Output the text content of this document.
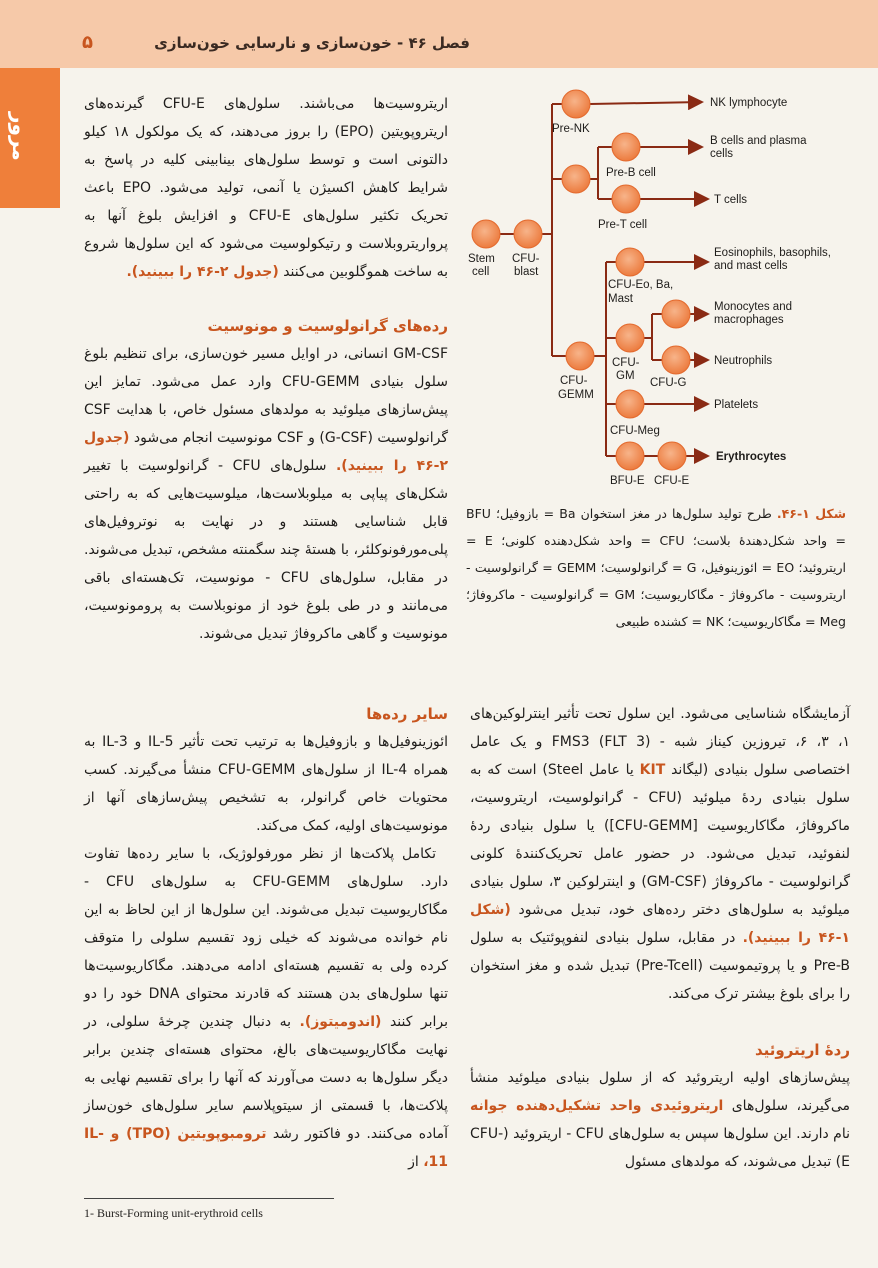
فصل ۴۶ - خون‌سازی و نارسایی خون‌سازی
۵
مرور

اریتروسیت‌ها می‌باشند. سلول‌های CFU-E گیرنده‌های اریتروپویتین (EPO) را بروز می‌دهند، که یک مولکول ۱۸ کیلو دالتونی است و توسط سلول‌های بینابینی کلیه در پاسخ به شرایط کاهش اکسیژن یا آنمی، تولید می‌شود. EPO باعث تحریک تکثیر سلول‌های CFU-E و افزایش بلوغ آنها به پرواریتروبلاست و رتیکولوسیت می‌شود که این سلول‌ها شروع به ساخت هموگلوبین می‌کنند (جدول ۲-۴۶ را ببینید).

رده‌های گرانولوسیت و مونوسیت

GM-CSF انسانی، در اوایل مسیر خون‌سازی، برای تنظیم بلوغ سلول بنیادی CFU-GEMM وارد عمل می‌شود. تمایز این پیش‌سازهای میلوئید به مولدهای مسئول خاص، با هدایت CSF گرانولوسیت (G-CSF) و CSF مونوسیت انجام می‌شود (جدول ۲-۴۶ را ببینید). سلول‌های CFU - گرانولوسیت با تغییر شکل‌های پیاپی به میلوبلاست‌ها، میلوسیت‌هایی که به راحتی قابل شناسایی هستند و در نهایت به نوتروفیل‌های پلی‌مورفونوکلئر، با هستهٔ چند سگمنته مشخص، تبدیل می‌شوند. در مقابل، سلول‌های CFU - مونوسیت، تک‌هسته‌ای باقی می‌مانند و در طی بلوغ خود از مونوبلاست به پرومونوسیت، مونوسیت و گاهی ماکروفاژ تبدیل می‌شوند.

سایر رده‌ها

ائوزینوفیل‌ها و بازوفیل‌ها به ترتیب تحت تأثیر IL-5 و IL-3 به همراه IL-4 از سلول‌های CFU-GEMM منشأ می‌گیرند. کسب محتویات خاص گرانولر، به تشخیص پیش‌سازهای آنها از مونوسیت‌های اولیه، کمک می‌کند.

تکامل پلاکت‌ها از نظر مورفولوژیک، با سایر رده‌ها تفاوت دارد. سلول‌های CFU-GEMM به سلول‌های CFU - مگاکاریوسیت تبدیل می‌شوند. این سلول‌ها از این لحاظ به این نام خوانده می‌شوند که خیلی زود تقسیم سلولی را متوقف کرده ولی به تقسیم هسته‌ای ادامه می‌دهند. مگاکاریوسیت‌ها تنها سلول‌های بدن هستند که قادرند محتوای DNA خود را دو برابر کنند (اندومیتوز). به دنبال چندین چرخهٔ سلولی، در نهایت مگاکاریوسیت‌های بالغ، محتوای هسته‌ای چندین برابر دیگر سلول‌ها به دست می‌آورند که آنها را برای تقسیم نهایی به پلاکت‌ها، با قسمتی از سیتوپلاسم سایر سلول‌های خون‌ساز آماده می‌کنند. دو فاکتور رشد ترومبوپویتین (TPO) و IL-11، از

Stem cell
CFU-blast
Pre-NK
Pre-B cell
Pre-T cell
CFU-Eo, Ba, Mast
CFU-GM
CFU-G
CFU-GEMM
CFU-Meg
BFU-E CFU-E
NK lymphocyte
B cells and plasma cells
T cells
Eosinophils, basophils, and mast cells
Monocytes and macrophages
Neutrophils
Platelets
Erythrocytes
شکل ۱-۴۶. طرح تولید سلول‌ها در مغز استخوان Ba = بازوفیل؛ BFU = واحد شکل‌دهندهٔ بلاست؛ CFU = واحد شکل‌دهنده کلونی؛ E = اریتروئید؛ EO = ائوزینوفیل، G = گرانولوسیت؛ GEMM = گرانولوسیت - اریتروسیت - ماکروفاژ - مگاکاریوسیت؛ GM = گرانولوسیت - ماکروفاژ؛ Meg = مگاکاریوسیت؛ NK = کشنده طبیعی

آزمایشگاه شناسایی می‌شود. این سلول تحت تأثیر اینترلوکین‌های ۱، ۳، ۶، تیروزین کیناز شبه - FMS3 (FLT 3) و یک عامل اختصاصی سلول بنیادی (لیگاند KIT یا عامل Steel) است که به سلول بنیادی ردهٔ میلوئید (CFU - گرانولوسیت، اریتروسیت، ماکروفاژ، مگاکاریوسیت [CFU-GEMM]) یا سلول بنیادی ردهٔ لنفوئید، تبدیل می‌شود. در حضور عامل تحریک‌کنندهٔ کلونی گرانولوسیت - ماکروفاژ (GM-CSF) و اینترلوکین ۳، سلول بنیادی میلوئید به سلول‌های دختر رده‌های خود، تبدیل می‌شود (شکل ۱-۴۶ را ببینید). در مقابل، سلول بنیادی لنفوپوئتیک به سلول Pre-B و یا پروتیموسیت (Pre-Tcell) تبدیل شده و مغز استخوان را برای بلوغ بیشتر ترک می‌کند.

ردهٔ اریتروئید

پیش‌سازهای اولیه اریتروئید که از سلول بنیادی میلوئید منشأ می‌گیرند، سلول‌های اریتروئیدی واحد تشکیل‌دهنده جوانه نام دارند. این سلول‌ها سپس به سلول‌های CFU - اریتروئید (CFU-E) تبدیل می‌شوند، که مولدهای مسئول

1- Burst-Forming unit-erythroid cells
